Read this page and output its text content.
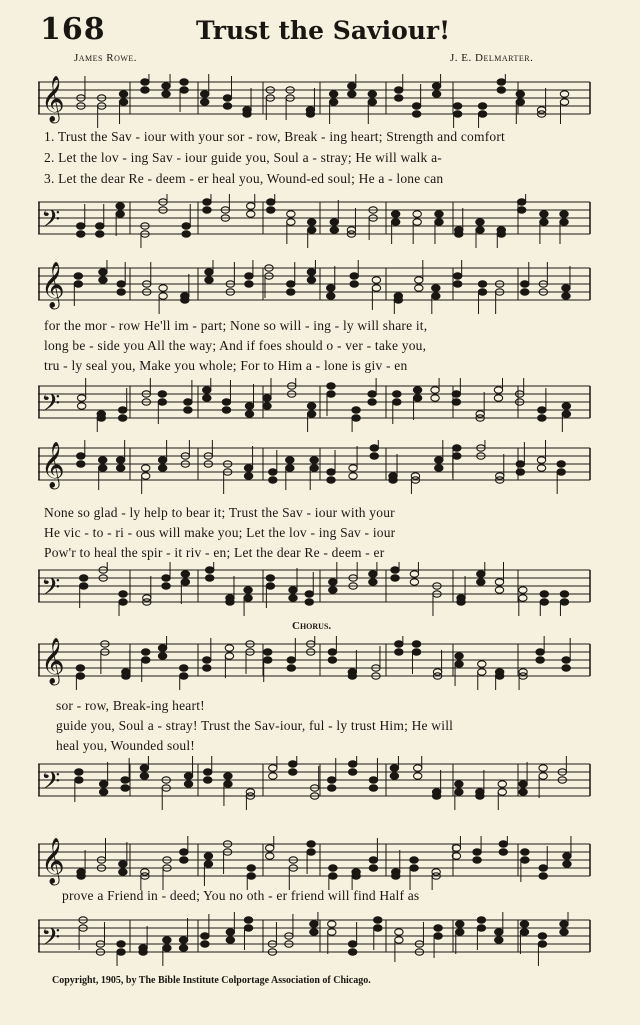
168	Trust the Saviour!
James Rowe.	J. E. Delmarter.
𝄞
1. Trust the Sav - iour with your sor - row, Break - ing heart; Strength and comfort
2. Let the lov - ing Sav - iour guide you, Soul a - stray; He will walk a-
3. Let the dear Re - deem - er heal you, Wound-ed soul; He a - lone can
𝄢
𝄞
for the mor - row He'll im - part; None so will - ing - ly will share it,
long be - side you All the way; And if foes should o - ver - take you,
tru - ly seal you, Make you whole; For to Him a - lone is giv - en
𝄢
𝄞
None so glad - ly help to bear it; Trust the Sav - iour with your
He vic - to - ri - ous will make you; Let the lov - ing Sav - iour
Pow'r to heal the spir - it riv - en; Let the dear Re - deem - er
𝄢
Chorus.
𝄞
sor - row, Break-ing heart!
guide you, Soul a - stray! Trust the Sav-iour, ful - ly trust Him; He will
heal you, Wounded soul!
𝄢
𝄞
prove a Friend in - deed; You no oth - er friend will find Half as
𝄢
Copyright, 1905, by The Bible Institute Colportage Association of Chicago.
